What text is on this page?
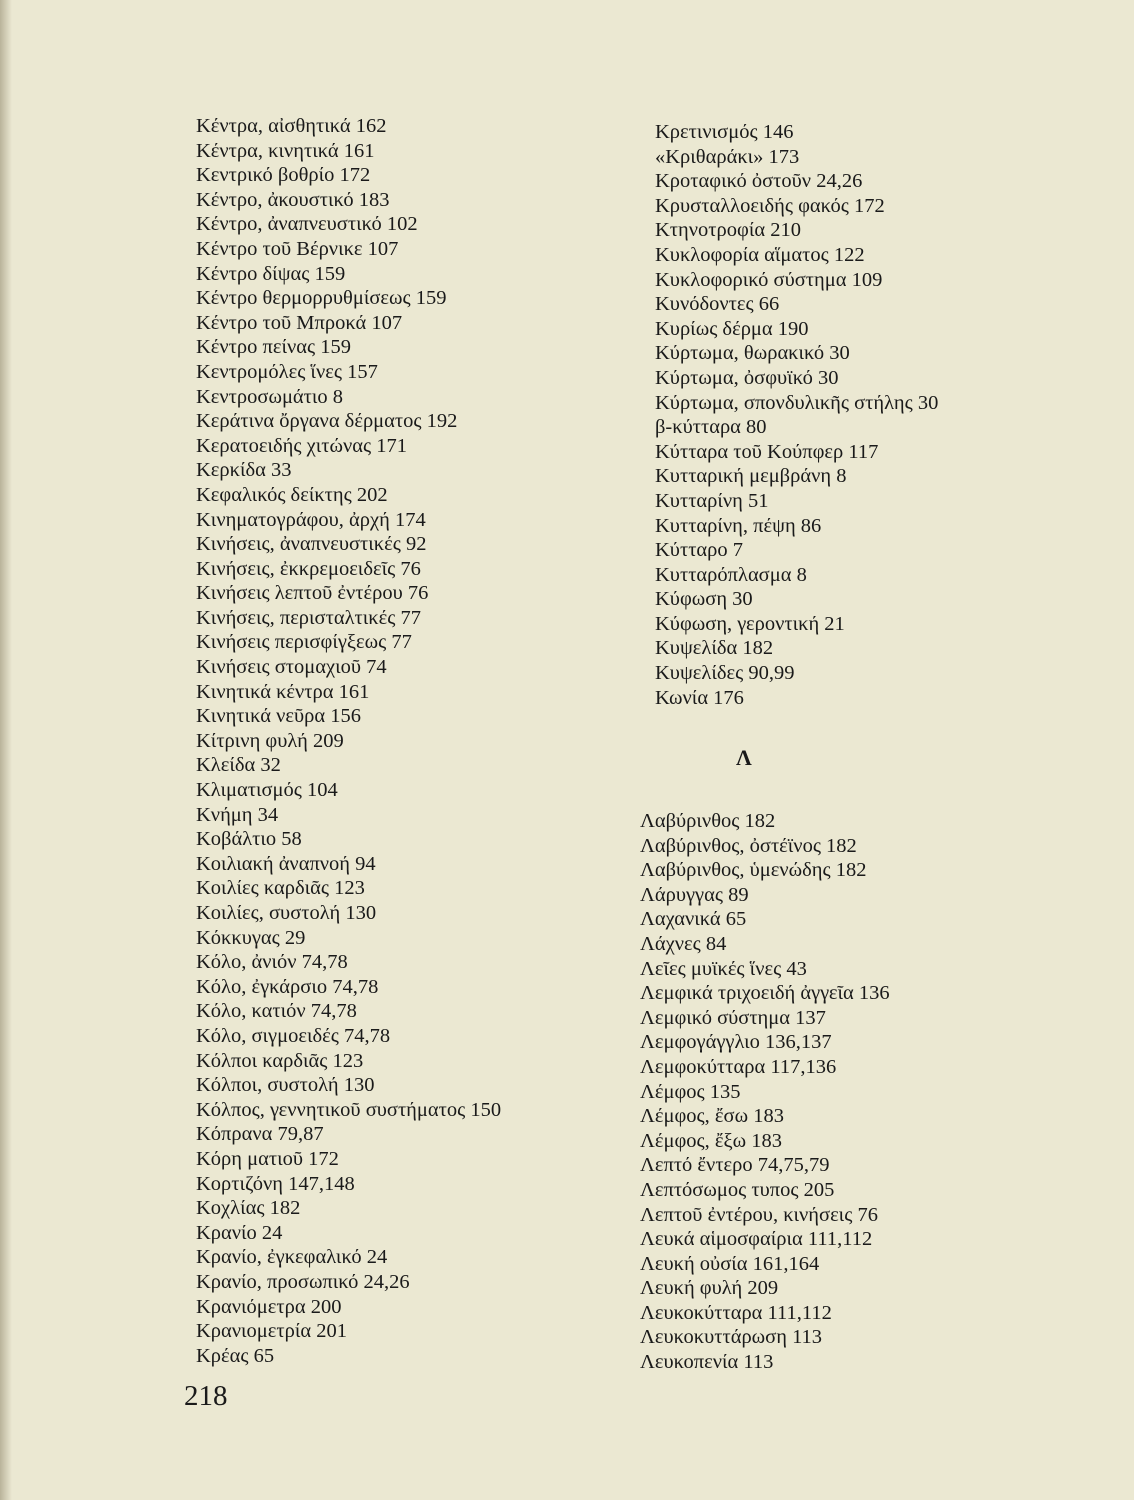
Κέντρα, αἰσθητικά 162
Κέντρα, κινητικά 161
Κεντρικό βοθρίο 172
Κέντρο, ἀκουστικό 183
Κέντρο, ἀναπνευστικό 102
Κέντρο τοῦ Βέρνικε 107
Κέντρο δίψας 159
Κέντρο θερμορρυθμίσεως 159
Κέντρο τοῦ Μπροκά 107
Κέντρο πείνας 159
Κεντρομόλες ἵνες 157
Κεντροσωμάτιο 8
Κεράτινα ὄργανα δέρματος 192
Κερατοειδής χιτώνας 171
Κερκίδα 33
Κεφαλικός δείκτης 202
Κινηματογράφου, ἀρχή 174
Κινήσεις, ἀναπνευστικές 92
Κινήσεις, ἐκκρεμοειδεῖς 76
Κινήσεις λεπτοῦ ἐντέρου 76
Κινήσεις, περισταλτικές 77
Κινήσεις περισφίγξεως 77
Κινήσεις στομαχιοῦ 74
Κινητικά κέντρα 161
Κινητικά νεῦρα 156
Κίτρινη φυλή 209
Κλείδα 32
Κλιματισμός 104
Κνήμη 34
Κοβάλτιο 58
Κοιλιακή ἀναπνοή 94
Κοιλίες καρδιᾶς 123
Κοιλίες, συστολή 130
Κόκκυγας 29
Κόλο, ἀνιόν 74,78
Κόλο, ἐγκάρσιο 74,78
Κόλο, κατιόν 74,78
Κόλο, σιγμοειδές 74,78
Κόλποι καρδιᾶς 123
Κόλποι, συστολή 130
Κόλπος, γεννητικοῦ συστήματος 150
Κόπρανα 79,87
Κόρη ματιοῦ 172
Κορτιζόνη 147,148
Κοχλίας 182
Κρανίο 24
Κρανίο, ἐγκεφαλικό 24
Κρανίο, προσωπικό 24,26
Κρανιόμετρα 200
Κρανιομετρία 201
Κρέας 65
Κρετινισμός 146
«Κριθαράκι» 173
Κροταφικό ὀστοῦν 24,26
Κρυσταλλοειδής φακός 172
Κτηνοτροφία 210
Κυκλοφορία αἵματος 122
Κυκλοφορικό σύστημα 109
Κυνόδοντες 66
Κυρίως δέρμα 190
Κύρτωμα, θωρακικό 30
Κύρτωμα, ὀσφυϊκό 30
Κύρτωμα, σπονδυλικῆς στήλης 30
β-κύτταρα 80
Κύτταρα τοῦ Κούπφερ 117
Κυτταρική μεμβράνη 8
Κυτταρίνη 51
Κυτταρίνη, πέψη 86
Κύτταρο 7
Κυτταρόπλασμα 8
Κύφωση 30
Κύφωση, γεροντική 21
Κυψελίδα 182
Κυψελίδες 90,99
Κωνία 176
Λ
Λαβύρινθος 182
Λαβύρινθος, ὀστέϊνος 182
Λαβύρινθος, ὑμενώδης 182
Λάρυγγας 89
Λαχανικά 65
Λάχνες 84
Λεῖες μυϊκές ἵνες 43
Λεμφικά τριχοειδή ἀγγεῖα 136
Λεμφικό σύστημα 137
Λεμφογάγγλιο 136,137
Λεμφοκύτταρα 117,136
Λέμφος 135
Λέμφος, ἔσω 183
Λέμφος, ἔξω 183
Λεπτό ἔντερο 74,75,79
Λεπτόσωμος τυπος 205
Λεπτοῦ ἐντέρου, κινήσεις 76
Λευκά αἱμοσφαίρια 111,112
Λευκή οὐσία 161,164
Λευκή φυλή 209
Λευκοκύτταρα 111,112
Λευκοκυττάρωση 113
Λευκοπενία 113
218
